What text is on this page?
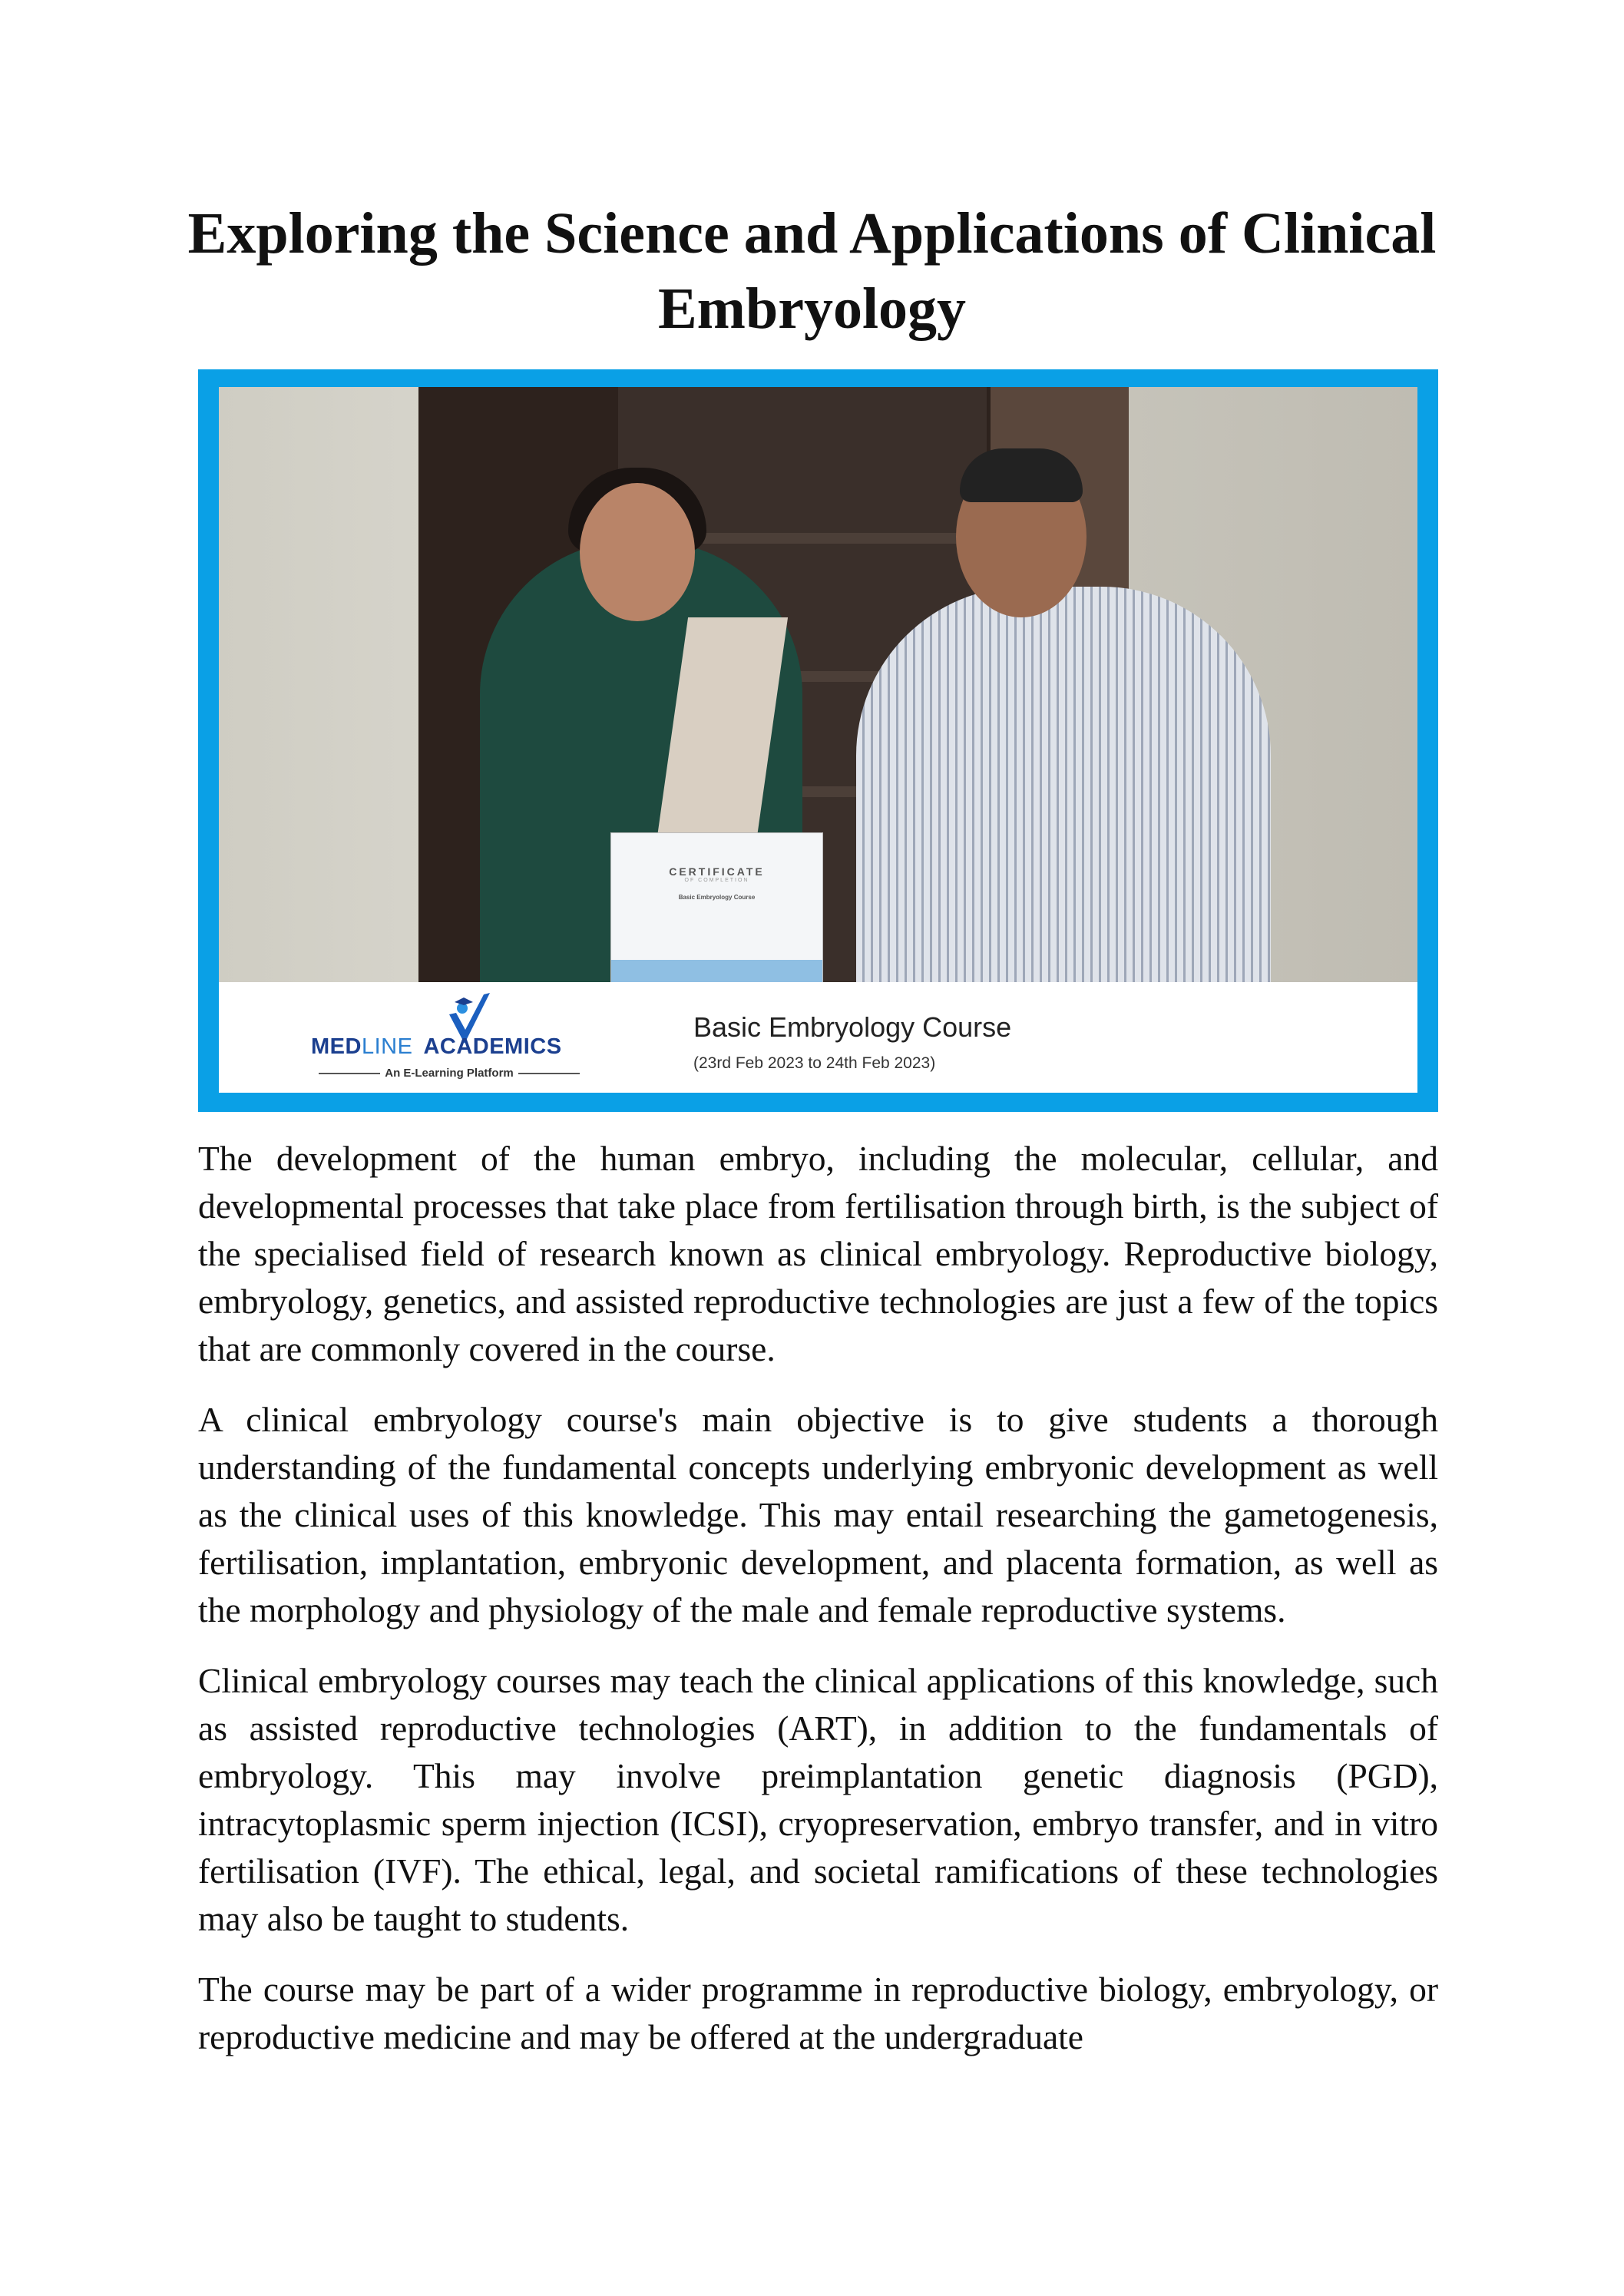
Exploring the Science and Applications of Clinical Embryology
CERTIFICATE
OF COMPLETION
Basic Embryology Course
MEDLINE ACADEMICS
An E-Learning Platform
Basic Embryology Course
(23rd Feb 2023 to 24th Feb 2023)

The development of the human embryo, including the molecular, cellular, and developmental processes that take place from fertilisation through birth, is the subject of the specialised field of research known as clinical embryology. Reproductive biology, embryology, genetics, and assisted reproductive technologies are just a few of the topics that are commonly covered in the course.

A clinical embryology course's main objective is to give students a thorough understanding of the fundamental concepts underlying embryonic development as well as the clinical uses of this knowledge. This may entail researching the gametogenesis, fertilisation, implantation, embryonic development, and placenta formation, as well as the morphology and physiology of the male and female reproductive systems.

Clinical embryology courses may teach the clinical applications of this knowledge, such as assisted reproductive technologies (ART), in addition to the fundamentals of embryology. This may involve preimplantation genetic diagnosis (PGD), intracytoplasmic sperm injection (ICSI), cryopreservation, embryo transfer, and in vitro fertilisation (IVF). The ethical, legal, and societal ramifications of these technologies may also be taught to students.

The course may be part of a wider programme in reproductive biology, embryology, or reproductive medicine and may be offered at the undergraduate
